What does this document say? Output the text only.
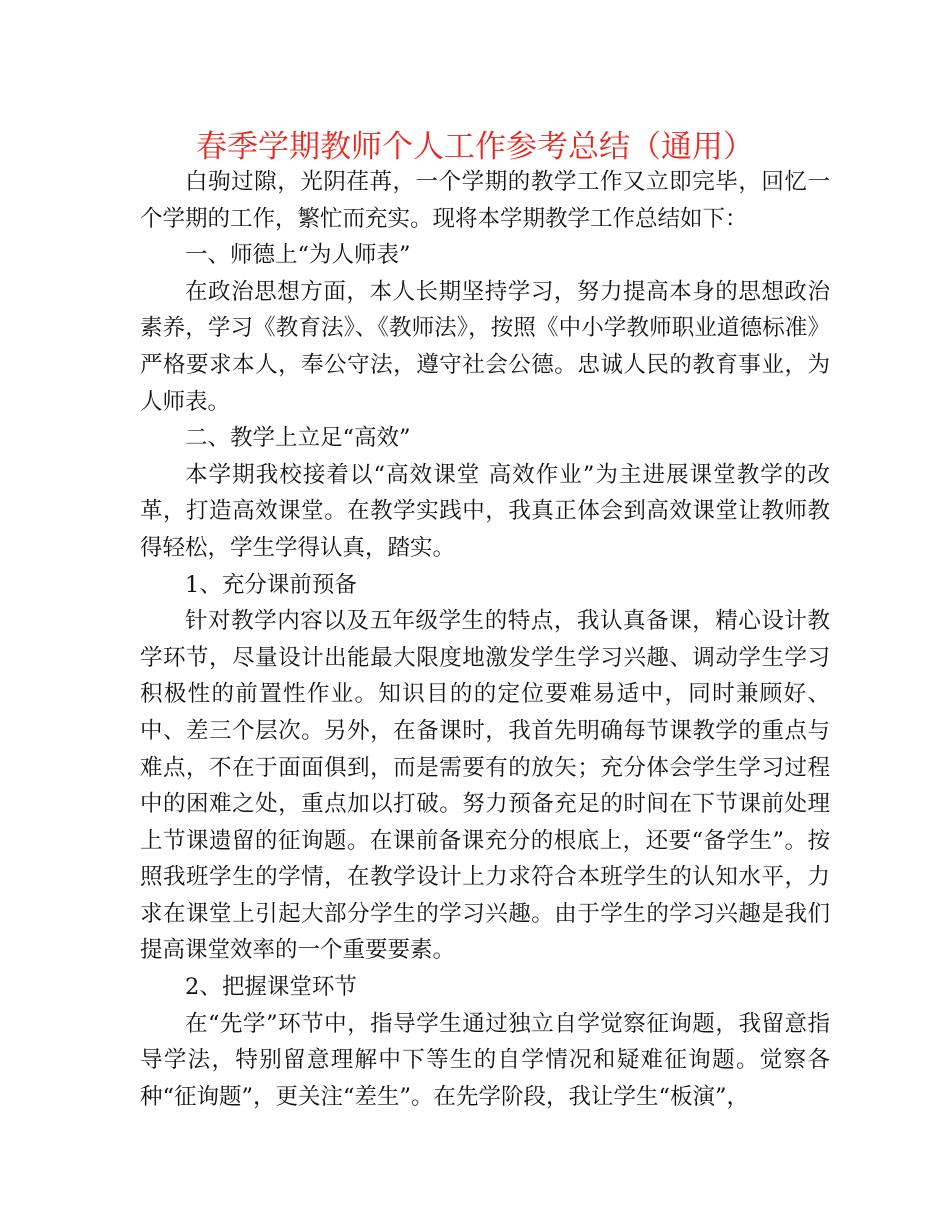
春季学期教师个人工作参考总结（通用）

白驹过隙，光阴荏苒，一个学期的教学工作又立即完毕，回忆一个学期的工作，繁忙而充实。现将本学期教学工作总结如下：

一、师德上“为人师表”

在政治思想方面，本人长期坚持学习，努力提高本身的思想政治素养，学习《教育法》、《教师法》，按照《中小学教师职业道德标准》严格要求本人，奉公守法，遵守社会公德。忠诚人民的教育事业，为人师表。

二、教学上立足“高效”

本学期我校接着以“高效课堂 高效作业”为主进展课堂教学的改革，打造高效课堂。在教学实践中，我真正体会到高效课堂让教师教得轻松，学生学得认真，踏实。

1、充分课前预备

针对教学内容以及五年级学生的特点，我认真备课，精心设计教学环节，尽量设计出能最大限度地激发学生学习兴趣、调动学生学习积极性的前置性作业。知识目的的定位要难易适中，同时兼顾好、中、差三个层次。另外，在备课时，我首先明确每节课教学的重点与难点，不在于面面俱到，而是需要有的放矢；充分体会学生学习过程中的困难之处，重点加以打破。努力预备充足的时间在下节课前处理上节课遗留的征询题。在课前备课充分的根底上，还要“备学生”。按照我班学生的学情，在教学设计上力求符合本班学生的认知水平，力求在课堂上引起大部分学生的学习兴趣。由于学生的学习兴趣是我们提高课堂效率的一个重要要素。

2、把握课堂环节

在“先学”环节中，指导学生通过独立自学觉察征询题，我留意指导学法，特别留意理解中下等生的自学情况和疑难征询题。觉察各种“征询题”，更关注“差生”。在先学阶段，我让学生“板演”，
